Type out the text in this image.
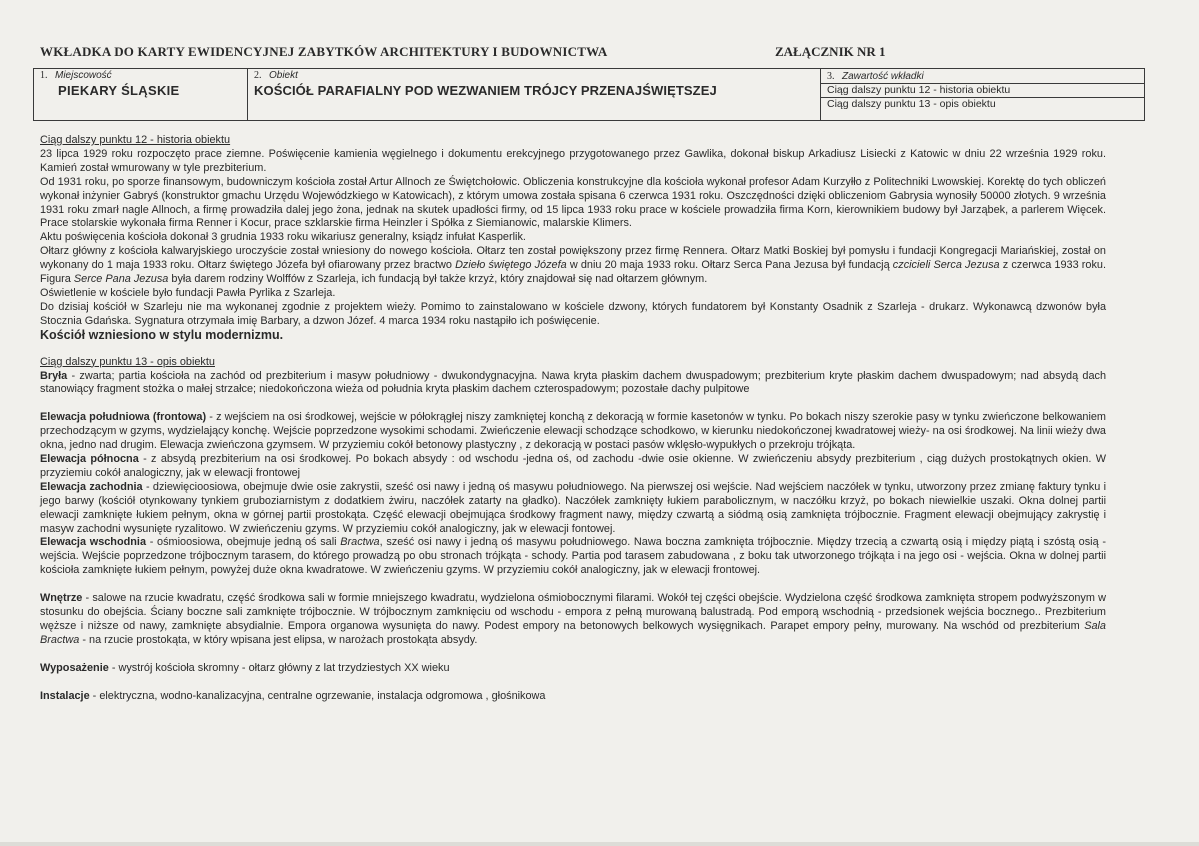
WKŁADKA DO KARTY EWIDENCYJNEJ ZABYTKÓW ARCHITEKTURY I BUDOWNICTWA	ZAŁĄCZNIK NR 1
1. Miejscowość
PIEKARY ŚLĄSKIE

2. Obiekt
KOŚCIÓŁ PARAFIALNY POD WEZWANIEM TRÓJCY PRZENAJŚWIĘTSZEJ

3. Zawartość wkładki
Ciąg dalszy punktu 12 - historia obiektu
Ciąg dalszy punktu 13 - opis obiektu

Ciąg dalszy punktu 12 - historia obiektu

23 lipca 1929 roku rozpoczęto prace ziemne. Poświęcenie kamienia węgielnego i dokumentu erekcyjnego przygotowanego przez Gawlika, dokonał biskup Arkadiusz Lisiecki z Katowic w dniu 22 września 1929 roku. Kamień został wmurowany w tyle prezbiterium.

Od 1931 roku, po sporze finansowym, budowniczym kościoła został Artur Allnoch ze Świętchołowic. Obliczenia konstrukcyjne dla kościoła wykonał profesor Adam Kurzyłło z Politechniki Lwowskiej. Korektę do tych obliczeń wykonał inżynier Gabryś (konstruktor gmachu Urzędu Wojewódzkiego w Katowicach), z którym umowa została spisana 6 czerwca 1931 roku. Oszczędności dzięki obliczeniom Gabrysia wynosiły 50000 złotych. 9 września 1931 roku zmarł nagle Allnoch, a firmę prowadziła dalej jego żona, jednak na skutek upadłości firmy, od 15 lipca 1933 roku prace w kościele prowadziła firma Korn, kierownikiem budowy był Jarząbek, a parlerem Więcek. Prace stolarskie wykonała firma Renner i Kocur, prace szklarskie firma Heinzler i Spółka z Siemianowic, malarskie Klimers.

Aktu poświęcenia kościoła dokonał 3 grudnia 1933 roku wikariusz generalny, ksiądz infułat Kasperlik.

Ołtarz główny z kościoła kalwaryjskiego uroczyście został wniesiony do nowego kościoła. Ołtarz ten został powiększony przez firmę Rennera. Ołtarz Matki Boskiej był pomysłu i fundacji Kongregacji Mariańskiej, został on wykonany do 1 maja 1933 roku. Ołtarz świętego Józefa był ofiarowany przez bractwo Dzieło świętego Józefa w dniu 20 maja 1933 roku. Ołtarz Serca Pana Jezusa był fundacją czcicieli Serca Jezusa z czerwca 1933 roku. Figura Serce Pana Jezusa była darem rodziny Wolffów z Szarleja, ich fundacją był także krzyż, który znajdował się nad ołtarzem głównym.

Oświetlenie w kościele było fundacji Pawła Pyrlika z Szarleja.

Do dzisiaj kościół w Szarleju nie ma wykonanej zgodnie z projektem wieży. Pomimo to zainstalowano w kościele dzwony, których fundatorem był Konstanty Osadnik z Szarleja - drukarz. Wykonawcą dzwonów była Stocznia Gdańska. Sygnatura otrzymała imię Barbary, a dzwon Józef. 4 marca 1934 roku nastąpiło ich poświęcenie.

Kościół wzniesiono w stylu modernizmu.

Ciąg dalszy punktu 13 - opis obiektu

Bryła - zwarta; partia kościoła na zachód od prezbiterium i masyw południowy - dwukondygnacyjna. Nawa kryta płaskim dachem dwuspadowym; prezbiterium kryte płaskim dachem dwuspadowym; nad absydą dach stanowiący fragment stożka o małej strzałce; niedokończona wieża od południa kryta płaskim dachem czterospadowym; pozostałe dachy pulpitowe

Elewacja południowa (frontowa) - z wejściem na osi środkowej, wejście w półokrągłej niszy zamkniętej konchą z dekoracją w formie kasetonów w tynku. Po bokach niszy szerokie pasy w tynku zwieńczone belkowaniem przechodzącym w gzyms, wydzielający konchę. Wejście poprzedzone wysokimi schodami. Zwieńczenie elewacji schodzące schodkowo, w kierunku niedokończonej kwadratowej wieży- na osi środkowej. Na linii wieży dwa okna, jedno nad drugim. Elewacja zwieńczona gzymsem. W przyziemiu cokół betonowy plastyczny , z dekoracją w postaci pasów wklęsło-wypukłych o przekroju trójkąta.

Elewacja północna - z absydą prezbiterium na osi środkowej. Po bokach absydy : od wschodu -jedna oś, od zachodu -dwie osie okienne. W zwieńczeniu absydy prezbiterium , ciąg dużych prostokątnych okien. W przyziemiu cokół analogiczny, jak w elewacji frontowej

Elewacja zachodnia - dziewięcioosiowa, obejmuje dwie osie zakrystii, sześć osi nawy i jedną oś masywu południowego. Na pierwszej osi wejście. Nad wejściem naczółek w tynku, utworzony przez zmianę faktury tynku i jego barwy (kościół otynkowany tynkiem gruboziarnistym z dodatkiem żwiru, naczółek zatarty na gładko). Naczółek zamknięty łukiem parabolicznym, w naczółku krzyż, po bokach niewielkie uszaki. Okna dolnej partii elewacji zamknięte łukiem pełnym, okna w górnej partii prostokąta. Część elewacji obejmująca środkowy fragment nawy, między czwartą a siódmą osią zamknięta trójbocznie. Fragment elewacji obejmujący zakrystię i masyw zachodni wysunięte ryzalitowo. W zwieńczeniu gzyms. W przyziemiu cokół analogiczny, jak w elewacji fontowej.

Elewacja wschodnia - ośmioosiowa, obejmuje jedną oś sali Bractwa, sześć osi nawy i jedną oś masywu południowego. Nawa boczna zamknięta trójbocznie. Między trzecią a czwartą osią i między piątą i szóstą osią - wejścia. Wejście poprzedzone trójbocznym tarasem, do którego prowadzą po obu stronach trójkąta - schody. Partia pod tarasem zabudowana , z boku tak utworzonego trójkąta i na jego osi - wejścia. Okna w dolnej partii kościoła zamknięte łukiem pełnym, powyżej duże okna kwadratowe. W zwieńczeniu gzyms. W przyziemiu cokół analogiczny, jak w elewacji frontowej.

Wnętrze - salowe na rzucie kwadratu, część środkowa sali w formie mniejszego kwadratu, wydzielona ośmiobocznymi filarami. Wokół tej części obejście. Wydzielona część środkowa zamknięta stropem podwyższonym w stosunku do obejścia. Ściany boczne sali zamknięte trójbocznie. W trójbocznym zamknięciu od wschodu - empora z pełną murowaną balustradą. Pod emporą wschodnią - przedsionek wejścia bocznego.. Prezbiterium węższe i niższe od nawy, zamknięte absydialnie. Empora organowa wysunięta do nawy. Podest empory na betonowych belkowych wysięgnikach. Parapet empory pełny, murowany. Na wschód od prezbiterium Sala Bractwa - na rzucie prostokąta, w który wpisana jest elipsa, w narożach prostokąta absydy.

Wyposażenie - wystrój kościoła skromny - ołtarz główny z lat trzydziestych XX wieku

Instalacje - elektryczna, wodno-kanalizacyjna, centralne ogrzewanie, instalacja odgromowa , głośnikowa
